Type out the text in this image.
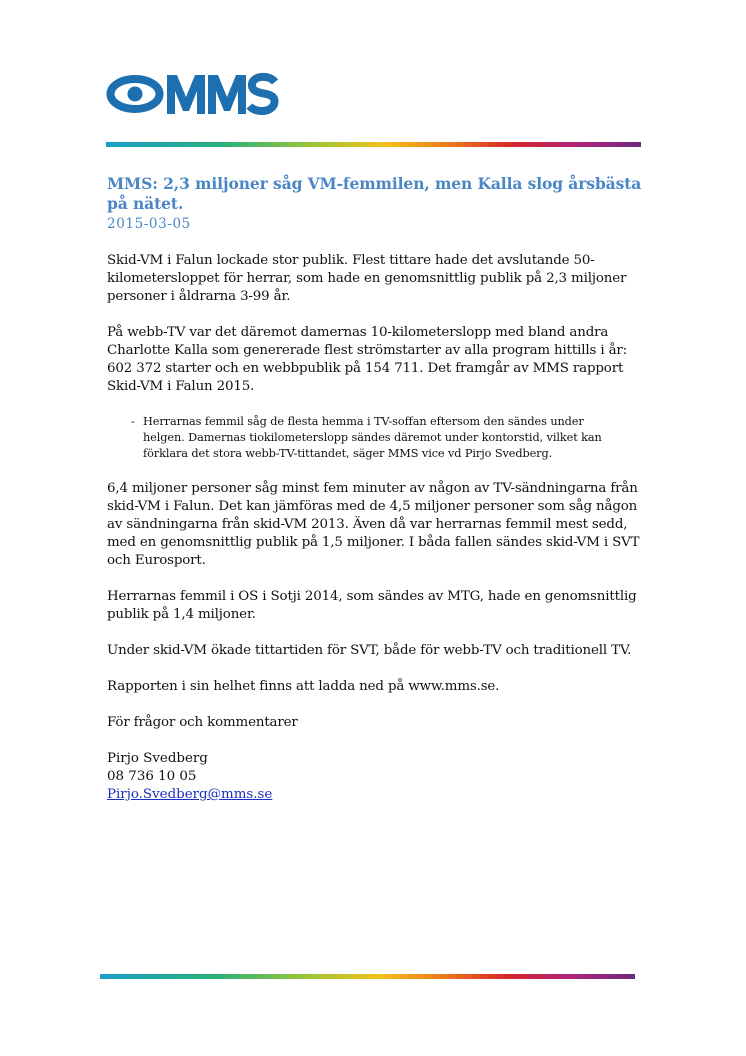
MMS: 2,3 miljoner såg VM-femmilen, men Kalla slog årsbästa på nätet.
2015-03-05

Skid-VM i Falun lockade stor publik. Flest tittare hade det avslutande 50-kilometersloppet för herrar, som hade en genomsnittlig publik på 2,3 miljoner personer i åldrarna 3-99 år.

På webb-TV var det däremot damernas 10-kilometerslopp med bland andra Charlotte Kalla som genererade flest strömstarter av alla program hittills i år: 602 372 starter och en webbpublik på 154 711. Det framgår av MMS rapport Skid-VM i Falun 2015.

- Herrarnas femmil såg de flesta hemma i TV-soffan eftersom den sändes under helgen. Damernas tiokilometerslopp sändes däremot under kontorstid, vilket kan förklara det stora webb-TV-tittandet, säger MMS vice vd Pirjo Svedberg.

6,4 miljoner personer såg minst fem minuter av någon av TV-sändningarna från skid-VM i Falun. Det kan jämföras med de 4,5 miljoner personer som såg någon av sändningarna från skid-VM 2013. Även då var herrarnas femmil mest sedd, med en genomsnittlig publik på 1,5 miljoner. I båda fallen sändes skid-VM i SVT och Eurosport.

Herrarnas femmil i OS i Sotji 2014, som sändes av MTG, hade en genomsnittlig publik på 1,4 miljoner.

Under skid-VM ökade tittartiden för SVT, både för webb-TV och traditionell TV.

Rapporten i sin helhet finns att ladda ned på www.mms.se.

För frågor och kommentarer

Pirjo Svedberg
08 736 10 05
Pirjo.Svedberg@mms.se
